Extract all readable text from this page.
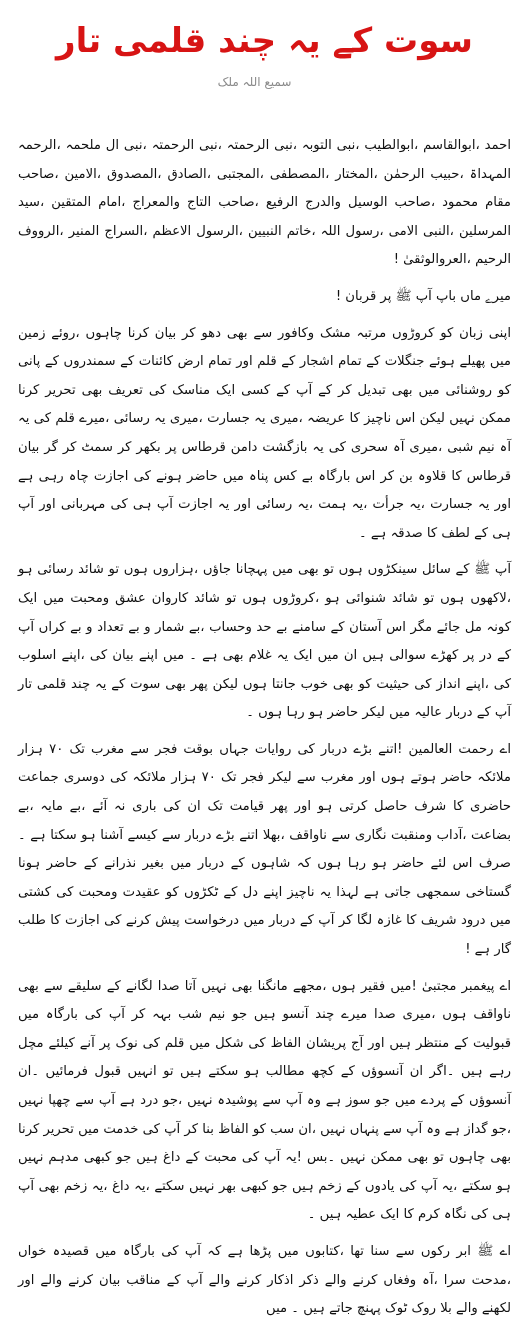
سوت کے یہ چند قلمی تار
سمیع اللہ ملک

احمد ،ابوالقاسم ،ابوالطیب ،نبی التوبہ ،نبی الرحمتہ ،نبی الرحمتہ ،نبی ال ملحمہ ،الرحمہ المہداۃ ،حبیب الرحمٰن ،المختار ،المصطفی ،المجتبی ،الصادق ،المصدوق ،الامین ،صاحب مقام محمود ،صاحب الوسیل والدرج الرفیع ،صاحب التاج والمعراج ،امام المتقین ،سید المرسلین ،النبی الامی ،رسول اللہ ،خاتم النبیین ،الرسول الاعظم ،السراج المنیر ،الرووف الرحیم ،العروالوثقیٰ !

میرے ماں باپ آپ ﷺ پر قربان !

اپنی زبان کو کروڑوں مرتبہ مشک وکافور سے بھی دھو کر بیان کرنا چاہوں ،روئے زمین میں پھیلے ہوئے جنگلات کے تمام اشجار کے قلم اور تمام ارض کائنات کے سمندروں کے پانی کو روشنائی میں بھی تبدیل کر کے آپ کے کسی ایک مناسک کی تعریف بھی تحریر کرنا ممکن نہیں لیکن اس ناچیز کا عریضہ ،میری یہ جسارت ،میری یہ رسائی ،میرے قلم کی یہ آہ نیم شبی ،میری آہ سحری کی یہ بازگشت دامن قرطاس پر بکھر کر سمٹ کر گر بیان قرطاس کا قلاوہ بن کر اس بارگاہ بے کس پناہ میں حاضر ہونے کی اجازت چاہ رہی ہے اور یہ جسارت ،یہ جرأت ،یہ ہمت ،یہ رسائی اور یہ اجازت آپ ہی کی مہربانی اور آپ ہی کے لطف کا صدقہ ہے ۔

آپ ﷺ کے سائل سینکڑوں ہوں تو بھی میں پہچانا جاؤں ،ہزاروں ہوں تو شائد رسائی ہو ،لاکھوں ہوں تو شائد شنوائی ہو ،کروڑوں ہوں تو شائد کاروان عشق ومحبت میں ایک کونہ مل جائے مگر اس آستان کے سامنے بے حد وحساب ،بے شمار و بے تعداد و بے کراں آپ کے در پر کھڑے سوالی ہیں ان میں ایک یہ غلام بھی ہے ۔ میں اپنے بیان کی ،اپنے اسلوب کی ،اپنے انداز کی حیثیت کو بھی خوب جانتا ہوں لیکن پھر بھی سوت کے یہ چند قلمی تار آپ کے دربار عالیہ میں لیکر حاضر ہو رہا ہوں ۔

اے رحمت العالمین !اتنے بڑے دربار کی روایات جہاں بوقت فجر سے مغرب تک ۷۰ ہزار ملائکہ حاضر ہوتے ہوں اور مغرب سے لیکر فجر تک ۷۰ ہزار ملائکہ کی دوسری جماعت حاضری کا شرف حاصل کرتی ہو اور پھر قیامت تک ان کی باری نہ آئے ،بے مایہ ،بے بضاعت ،آداب ومنقبت نگاری سے ناواقف ،بھلا اتنے بڑے دربار سے کیسے آشنا ہو سکتا ہے ۔صرف اس لئے حاضر ہو رہا ہوں کہ شاہوں کے دربار میں بغیر نذرانے کے حاضر ہونا گستاخی سمجھی جاتی ہے لہذا یہ ناچیز اپنے دل کے ٹکڑوں کو عقیدت ومحبت کی کشتی میں درود شریف کا غازہ لگا کر آپ کے دربار میں درخواست پیش کرنے کی اجازت کا طلب گار ہے !

اے پیغمبر مجتبیٰ !میں فقیر ہوں ،مجھے مانگنا بھی نہیں آتا صدا لگانے کے سلیقے سے بھی ناواقف ہوں ،میری صدا میرے چند آنسو ہیں جو نیم شب بہہ کر آپ کی بارگاہ میں قبولیت کے منتظر ہیں اور آج پریشان الفاظ کی شکل میں قلم کی نوک پر آنے کیلئے مچل رہے ہیں ۔اگر ان آنسوؤں کے کچھ مطالب ہو سکتے ہیں تو انہیں قبول فرمائیں ۔ان آنسوؤں کے پردے میں جو سوز ہے وہ آپ سے پوشیدہ نہیں ،جو درد ہے آپ سے چھپا نہیں ،جو گداز ہے وہ آپ سے پنہاں نہیں ،ان سب کو الفاظ بنا کر آپ کی خدمت میں تحریر کرنا بھی چاہوں تو بھی ممکن نہیں ۔بس !یہ آپ کی محبت کے داغ ہیں جو کبھی مدہم نہیں ہو سکتے ،یہ آپ کی یادوں کے زخم ہیں جو کبھی بھر نہیں سکتے ،یہ داغ ،یہ زخم بھی آپ ہی کی نگاہ کرم کا ایک عطیہ ہیں ۔

اے ﷺ ابر رکوں سے سنا تھا ،کتابوں میں پڑھا ہے کہ آپ کی بارگاہ میں قصیدہ خواں ،مدحت سرا ،آہ وفغاں کرنے والے ذکر اذکار کرنے والے آپ کے مناقب بیان کرنے والے اور لکھنے والے بلا روک ٹوک پہنچ جاتے ہیں ۔ میں
